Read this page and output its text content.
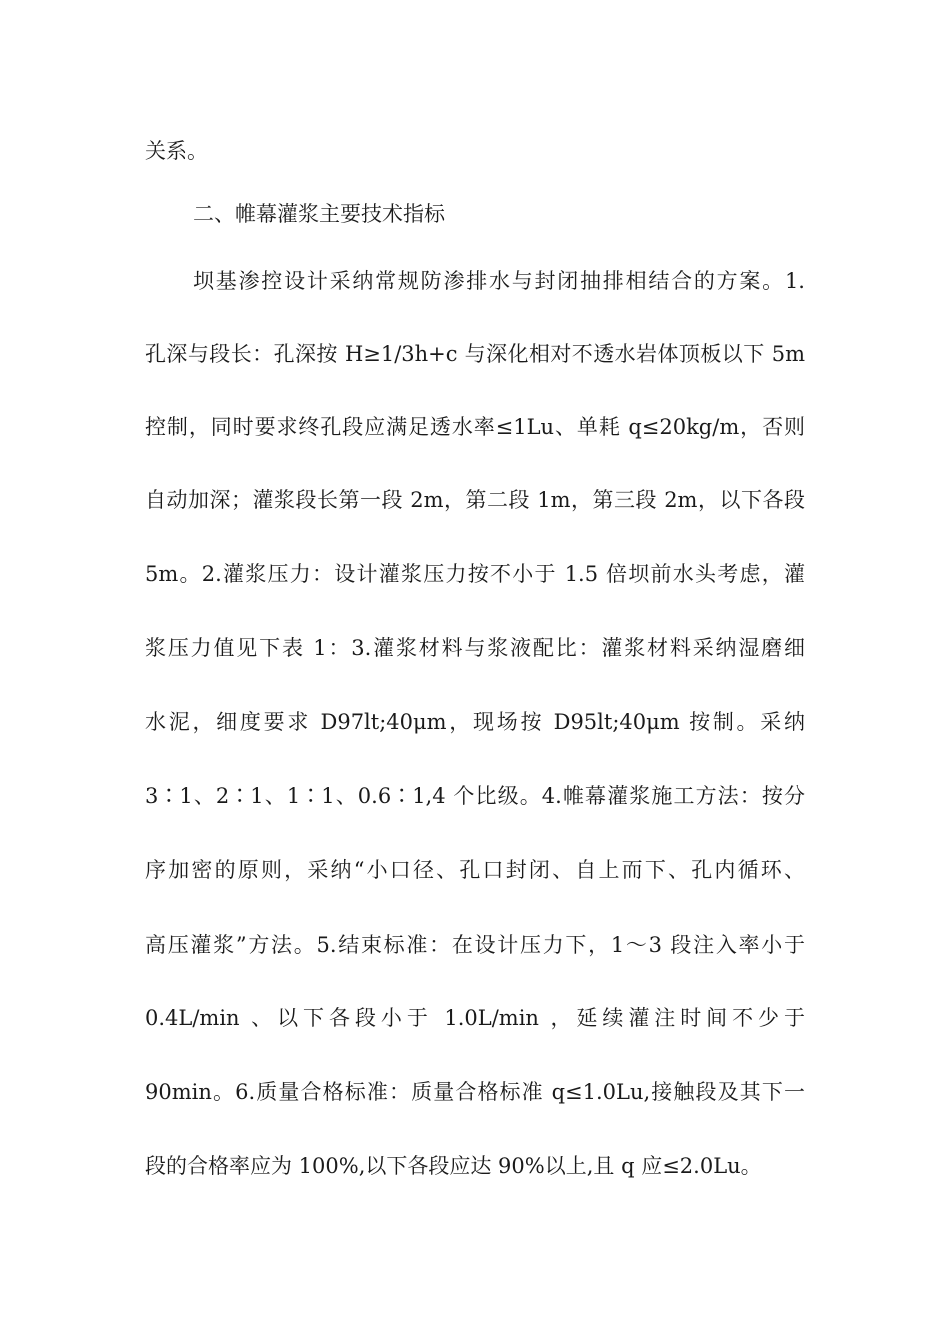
关系。
二、帷幕灌浆主要技术指标
坝基渗控设计采纳常规防渗排水与封闭抽排相结合的方案。1.
孔深与段长：孔深按 H≥1/3h+c 与深化相对不透水岩体顶板以下 5m
控制，同时要求终孔段应满足透水率≤1Lu、单耗 q≤20kg/m，否则
自动加深；灌浆段长第一段 2m，第二段 1m，第三段 2m，以下各段
5m。2.灌浆压力：设计灌浆压力按不小于 1.5 倍坝前水头考虑，灌
浆压力值见下表 1：3.灌浆材料与浆液配比：灌浆材料采纳湿磨细
水泥，细度要求 D97lt;40μm，现场按 D95lt;40μm 按制。采纳
3∶1、2∶1、1∶1、0.6∶1,4 个比级。4.帷幕灌浆施工方法：按分
序加密的原则，采纳“小口径、孔口封闭、自上而下、孔内循环、
高压灌浆”方法。5.结束标准：在设计压力下，1～3 段注入率小于
0.4L/min 、以下各段小于 1.0L/min ，延续灌注时间不少于
90min。6.质量合格标准：质量合格标准 q≤1.0Lu,接触段及其下一
段的合格率应为 100%,以下各段应达 90%以上,且 q 应≤2.0Lu。
